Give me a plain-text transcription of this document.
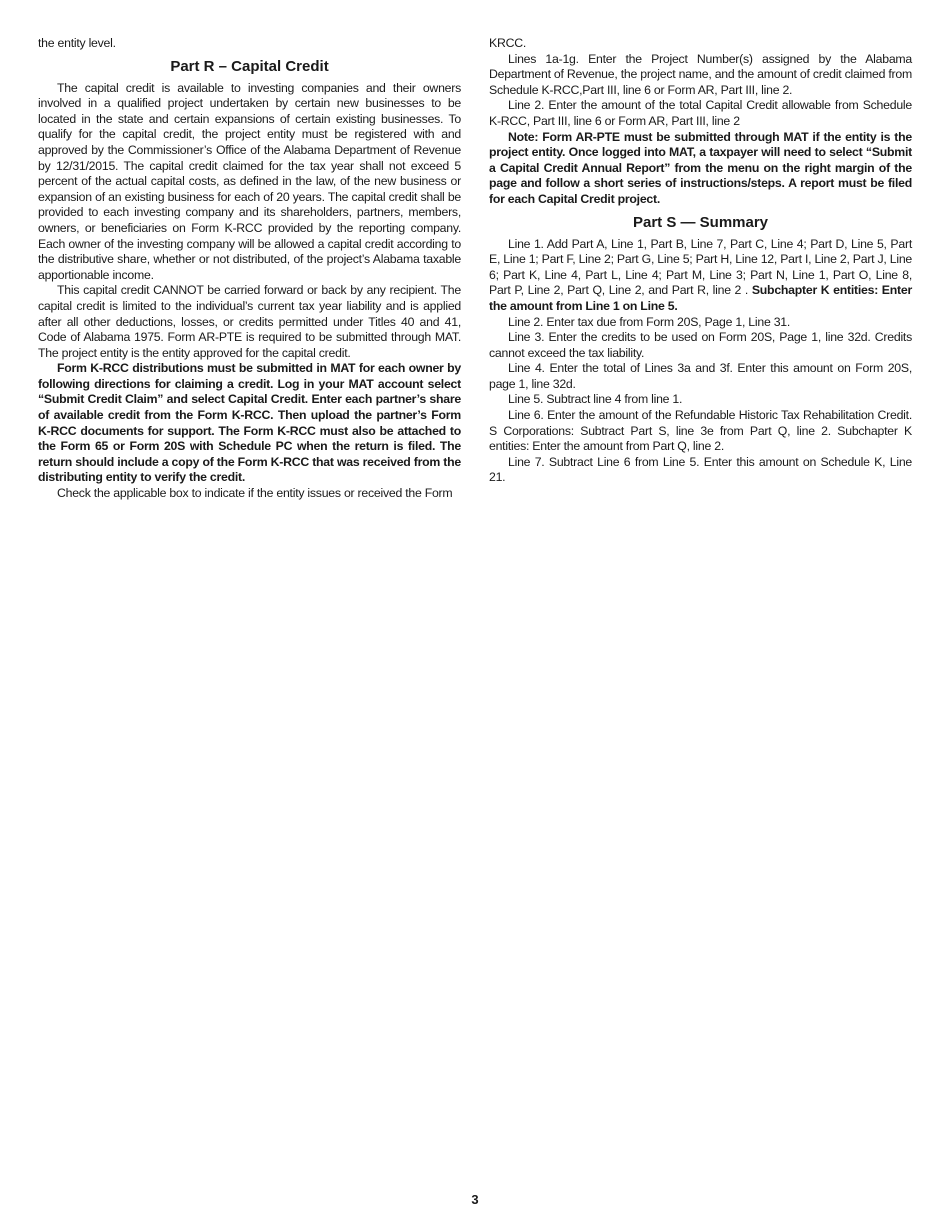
the entity level.

Part R – Capital Credit

The capital credit is available to investing companies and their owners involved in a qualified project undertaken by certain new businesses to be located in the state and certain expansions of certain existing businesses. To qualify for the capital credit, the project entity must be registered with and approved by the Commissioner’s Office of the Alabama Department of Revenue by 12/31/2015. The capital credit claimed for the tax year shall not exceed 5 percent of the actual capital costs, as defined in the law, of the new business or expansion of an existing business for each of 20 years. The capital credit shall be provided to each investing company and its shareholders, partners, members, owners, or beneficiaries on Form K-RCC provided by the reporting company. Each owner of the investing company will be allowed a capital credit according to the distributive share, whether or not distributed, of the project’s Alabama taxable apportionable income.

This capital credit CANNOT be carried forward or back by any recipient. The capital credit is limited to the individual’s current tax year liability and is applied after all other deductions, losses, or credits permitted under Titles 40 and 41, Code of Alabama 1975. Form AR-PTE is required to be submitted through MAT. The project entity is the entity approved for the capital credit.

Form K-RCC distributions must be submitted in MAT for each owner by following directions for claiming a credit. Log in your MAT account select “Submit Credit Claim” and select Capital Credit. Enter each partner’s share of available credit from the Form K-RCC. Then upload the partner’s Form K-RCC documents for support. The Form K-RCC must also be attached to the Form 65 or Form 20S with Schedule PC when the return is filed. The return should include a copy of the Form K-RCC that was received from the distributing entity to verify the credit.

Check the applicable box to indicate if the entity issues or received the Form

KRCC.

Lines 1a-1g. Enter the Project Number(s) assigned by the Alabama Department of Revenue, the project name, and the amount of credit claimed from Schedule K-RCC,Part III, line 6 or Form AR, Part III, line 2.

Line 2. Enter the amount of the total Capital Credit allowable from Schedule K-RCC, Part III, line 6 or Form AR, Part III, line 2

Note: Form AR-PTE must be submitted through MAT if the entity is the project entity. Once logged into MAT, a taxpayer will need to select “Submit a Capital Credit Annual Report” from the menu on the right margin of the page and follow a short series of instructions/steps. A report must be filed for each Capital Credit project.

Part S — Summary

Line 1. Add Part A, Line 1, Part B, Line 7, Part C, Line 4; Part D, Line 5, Part E, Line 1; Part F, Line 2; Part G, Line 5; Part H, Line 12, Part I, Line 2, Part J, Line 6; Part K, Line 4, Part L, Line 4; Part M, Line 3; Part N, Line 1, Part O, Line 8, Part P, Line 2, Part Q, Line 2, and Part R, line 2 . Subchapter K entities: Enter the amount from Line 1 on Line 5.

Line 2. Enter tax due from Form 20S, Page 1, Line 31.

Line 3. Enter the credits to be used on Form 20S, Page 1, line 32d. Credits cannot exceed the tax liability.

Line 4. Enter the total of Lines 3a and 3f. Enter this amount on Form 20S, page 1, line 32d.

Line 5. Subtract line 4 from line 1.

Line 6. Enter the amount of the Refundable Historic Tax Rehabilitation Credit. S Corporations: Subtract Part S, line 3e from Part Q, line 2. Subchapter K entities: Enter the amount from Part Q, line 2.

Line 7. Subtract Line 6 from Line 5. Enter this amount on Schedule K, Line 21.

3
